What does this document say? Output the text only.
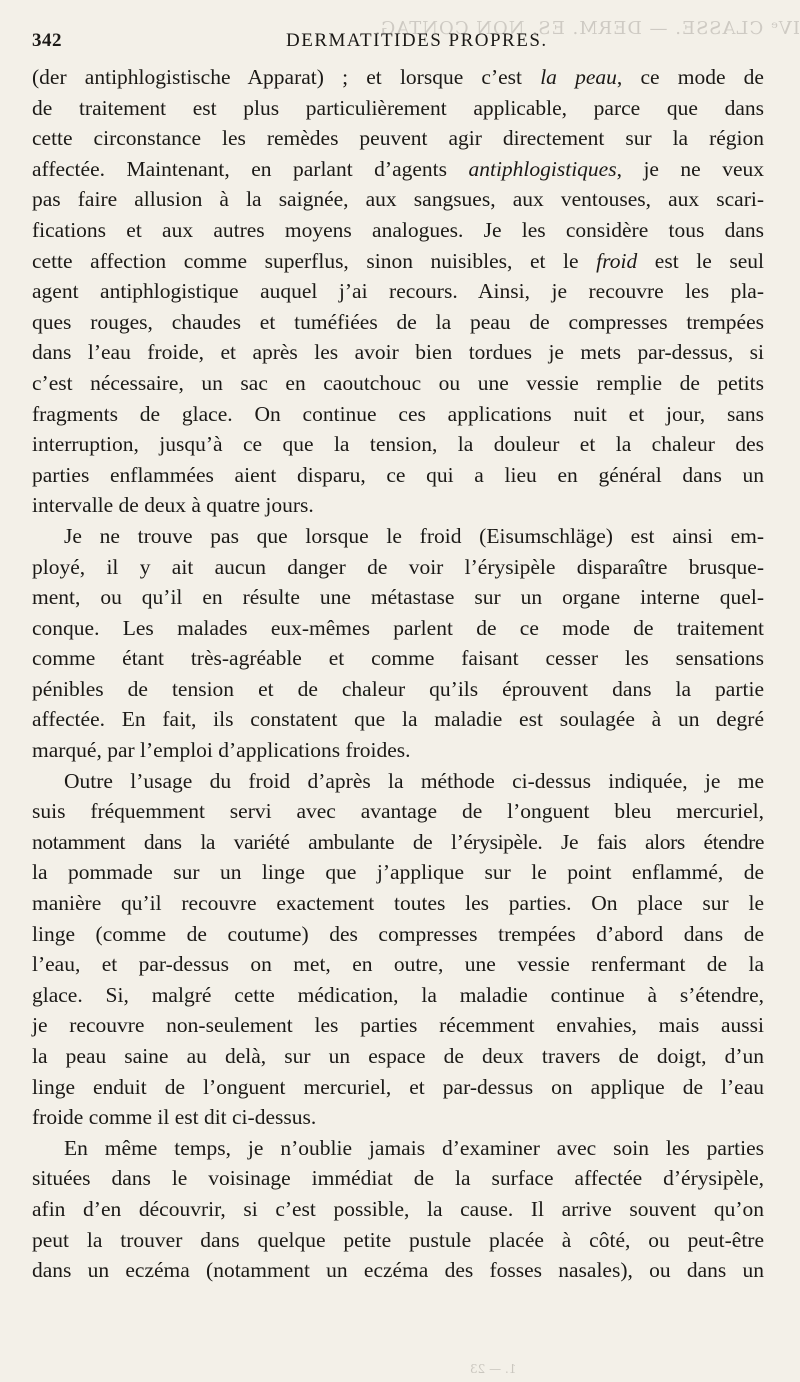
IVᵉ CLASSE. — DERM. ES, NON CONTAG.
342	DERMATITIDES PROPRES.
(der antiphlogistische Apparat) ; et lorsque c’est la peau, ce mode de
de traitement est plus particulièrement applicable, parce que dans
cette circonstance les remèdes peuvent agir directement sur la région
affectée. Maintenant, en parlant d’agents antiphlogistiques, je ne veux
pas faire allusion à la saignée, aux sangsues, aux ventouses, aux scari-
fications et aux autres moyens analogues. Je les considère tous dans
cette affection comme superflus, sinon nuisibles, et le froid est le seul
agent antiphlogistique auquel j’ai recours. Ainsi, je recouvre les pla-
ques rouges, chaudes et tuméfiées de la peau de compresses trempées
dans l’eau froide, et après les avoir bien tordues je mets par-dessus, si
c’est nécessaire, un sac en caoutchouc ou une vessie remplie de petits
fragments de glace. On continue ces applications nuit et jour, sans
interruption, jusqu’à ce que la tension, la douleur et la chaleur des
parties enflammées aient disparu, ce qui a lieu en général dans un
intervalle de deux à quatre jours.
Je ne trouve pas que lorsque le froid (Eisumschläge) est ainsi em-
ployé, il y ait aucun danger de voir l’érysipèle disparaître brusque-
ment, ou qu’il en résulte une métastase sur un organe interne quel-
conque. Les malades eux-mêmes parlent de ce mode de traitement
comme étant très-agréable et comme faisant cesser les sensations
pénibles de tension et de chaleur qu’ils éprouvent dans la partie
affectée. En fait, ils constatent que la maladie est soulagée à un degré
marqué, par l’emploi d’applications froides.
Outre l’usage du froid d’après la méthode ci-dessus indiquée, je me
suis fréquemment servi avec avantage de l’onguent bleu mercuriel,
notamment dans la variété ambulante de l’érysipèle. Je fais alors étendre
la pommade sur un linge que j’applique sur le point enflammé, de
manière qu’il recouvre exactement toutes les parties. On place sur le
linge (comme de coutume) des compresses trempées d’abord dans de
l’eau, et par-dessus on met, en outre, une vessie renfermant de la
glace. Si, malgré cette médication, la maladie continue à s’étendre,
je recouvre non-seulement les parties récemment envahies, mais aussi
la peau saine au delà, sur un espace de deux travers de doigt, d’un
linge enduit de l’onguent mercuriel, et par-dessus on applique de l’eau
froide comme il est dit ci-dessus.
En même temps, je n’oublie jamais d’examiner avec soin les parties
situées dans le voisinage immédiat de la surface affectée d’érysipèle,
afin d’en découvrir, si c’est possible, la cause. Il arrive souvent qu’on
peut la trouver dans quelque petite pustule placée à côté, ou peut-être
dans un eczéma (notamment un eczéma des fosses nasales), ou dans un
1. — 23
